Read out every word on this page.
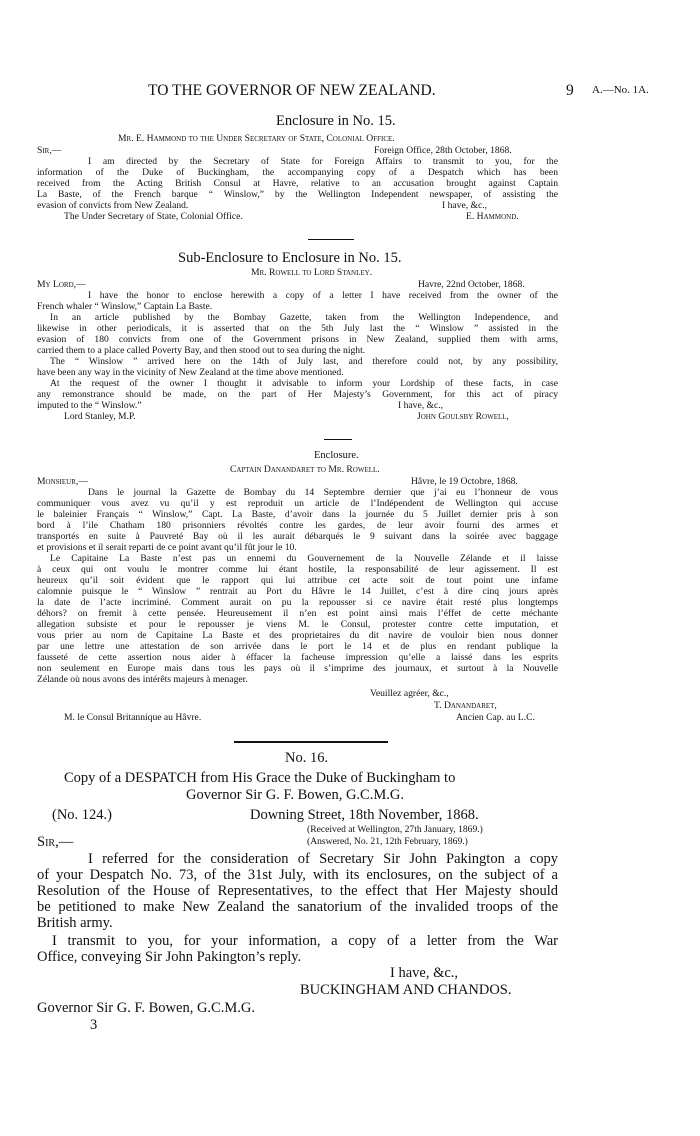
TO THE GOVERNOR OF NEW ZEALAND.	9 A.—No. 1A.
Enclosure in No. 15.
Mr. E. Hammond to the Under Secretary of State, Colonial Office.
Sir,—	Foreign Office, 28th October, 1868.
I am directed by the Secretary of State for Foreign Affairs to transmit to you, for the
information of the Duke of Buckingham, the accompanying copy of a Despatch which has been
received from the Acting British Consul at Havre, relative to an accusation brought against Captain
La Baste, of the French barque “ Winslow,” by the Wellington Independent newspaper, of assisting the
evasion of convicts from New Zealand.	I have, &c.,
The Under Secretary of State, Colonial Office.	E. Hammond.
Sub-Enclosure to Enclosure in No. 15.
Mr. Rowell to Lord Stanley.
My Lord,—	Havre, 22nd October, 1868.
I have the honor to enclose herewith a copy of a letter I have received from the owner of the
French whaler “ Winslow,” Captain La Baste.
In an article published by the Bombay Gazette, taken from the Wellington Independence, and
likewise in other periodicals, it is asserted that on the 5th July last the “ Winslow ” assisted in the
evasion of 180 convicts from one of the Government prisons in New Zealand, supplied them with arms,
carried them to a place called Poverty Bay, and then stood out to sea during the night.
The “ Winslow ” arrived here on the 14th of July last, and therefore could not, by any possibility,
have been any way in the vicinity of New Zealand at the time above mentioned.
At the request of the owner I thought it advisable to inform your Lordship of these facts, in case
any remonstrance should be made, on the part of Her Majesty’s Government, for this act of piracy
imputed to the “ Winslow.”	I have, &c.,
Lord Stanley, M.P.	John Goulsby Rowell,
Enclosure.
Captain Danandaret to Mr. Rowell.
Monsieur,—	Hâvre, le 19 Octobre, 1868.
Dans le journal la Gazette de Bombay du 14 Septembre dernier que j’ai eu l’honneur de vous
communiquer vous avez vu qu’il y est reproduit un article de l’Indépendent de Wellington qui accuse
le baleinier Français “ Winslow,” Capt. La Baste, d’avoir dans la journée du 5 Juillet dernier pris à son
bord à l’ile Chatham 180 prisonniers révoltés contre les gardes, de leur avoir fourni des armes et
transportés en suite à Pauvreté Bay où il les aurait débarqués le 9 suivant dans la soirée avec baggage
et provisions et il serait reparti de ce point avant qu’il fût jour le 10.
Le Capitaine La Baste n’est pas un ennemi du Gouvernement de la Nouvelle Zélande et il laisse
à ceux qui ont voulu le montrer comme lui étant hostile, la responsabilité de leur agissement. Il est
heureux qu’il soit évident que le rapport qui lui attribue cet acte soit de tout point une infame
calomnie puisque le “ Winslow ” rentrait au Port du Hâvre le 14 Juillet, c’est à dire cinq jours après
la date de l’acte incriminé. Comment aurait on pu la repousser si ce navire était resté plus longtemps
déhors? on fremit à cette pensée. Heureusement il n’en est point ainsi mais l’éffet de cette méchante
allegation subsiste et pour le repousser je viens M. le Consul, protester contre cette imputation, et
vous prier au nom de Capitaine La Baste et des proprietaires du dit navire de vouloir bien nous donner
par une lettre une attestation de son arrivée dans le port le 14 et de plus en rendant publique la
fausseté de cette assertion nous aider à éffacer la facheuse impression qu’elle a laissé dans les esprits
non seulement en Europe mais dans tous les pays où il s’imprime des journaux, et surtout à la Nouvelle
Zélande où nous avons des intérêts majeurs à menager.
Veuillez agréer, &c.,
T. Danandaret,
M. le Consul Britannique au Hâvre.	Ancien Cap. au L.C.
No. 16.
Copy of a DESPATCH from His Grace the Duke of Buckingham to
Governor Sir G. F. Bowen, G.C.M.G.
(No. 124.)	Downing Street, 18th November, 1868.
(Received at Wellington, 27th January, 1869.)
Sir,—	(Answered, No. 21, 12th February, 1869.)
I referred for the consideration of Secretary Sir John Pakington a copy
of your Despatch No. 73, of the 31st July, with its enclosures, on the subject of a
Resolution of the House of Representatives, to the effect that Her Majesty should
be petitioned to make New Zealand the sanatorium of the invalided troops of the
British army.
I transmit to you, for your information, a copy of a letter from the War
Office, conveying Sir John Pakington’s reply.
I have, &c.,
BUCKINGHAM AND CHANDOS.
Governor Sir G. F. Bowen, G.C.M.G.
3
